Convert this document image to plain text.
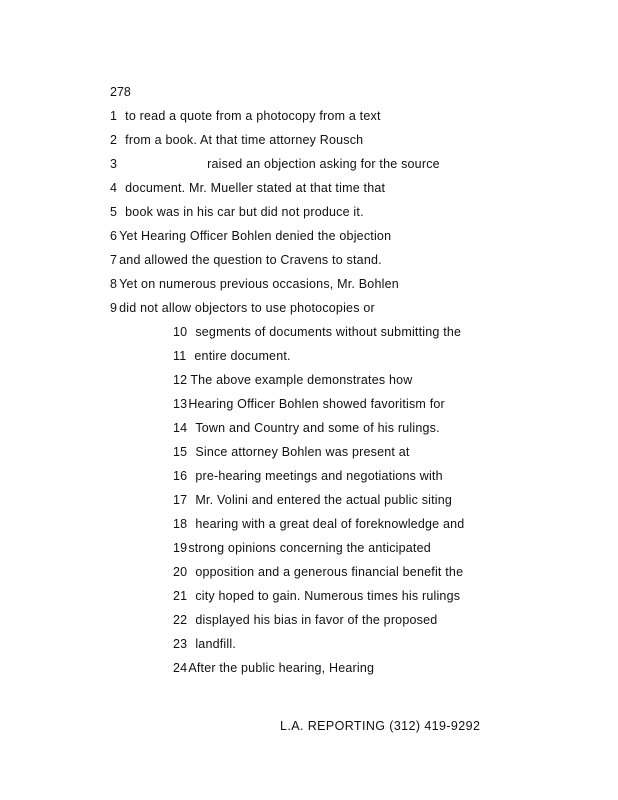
278
1 to read a quote from a photocopy from a text
2 from a book. At that time attorney Rousch
3	raised an objection asking for the source
4 document. Mr. Mueller stated at that time that
5 book was in his car but did not produce it.
6 Yet Hearing Officer Bohlen denied the objection
7 and allowed the question to Cravens to stand.
8 Yet on numerous previous occasions, Mr. Bohlen
9 did not allow objectors to use photocopies or
10 segments of documents without submitting the
11 entire document.
12 The above example demonstrates how
13Hearing Officer Bohlen showed favoritism for
14 Town and Country and some of his rulings.
15 Since attorney Bohlen was present at
16 pre-hearing meetings and negotiations with
17 Mr. Volini and entered the actual public siting
18 hearing with a great deal of foreknowledge and
19strong opinions concerning the anticipated
20 opposition and a generous financial benefit the
21 city hoped to gain. Numerous times his rulings
22 displayed his bias in favor of the proposed
23 landfill.
24After the public hearing, Hearing
L.A. REPORTING (312) 419-9292
